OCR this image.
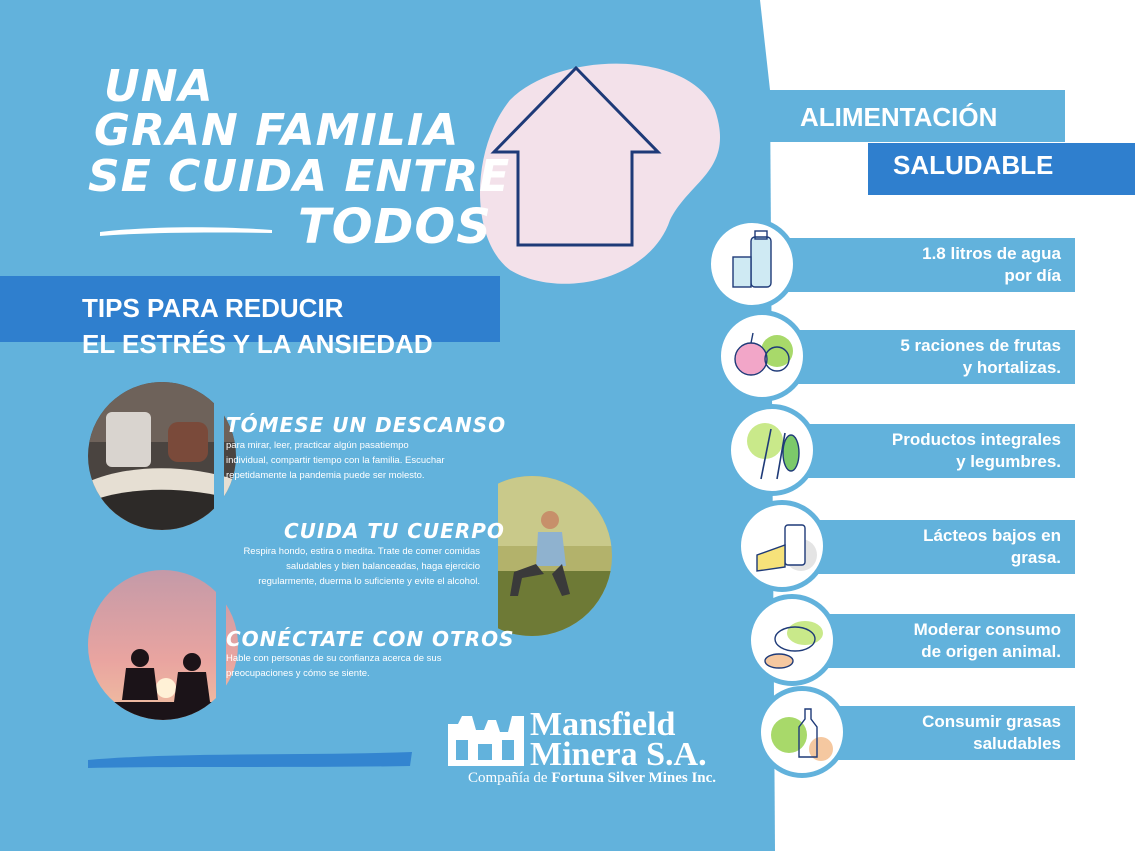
UNA
GRAN FAMILIA
SE CUIDA ENTRE
TODOS
TIPS PARA REDUCIR
EL ESTRÉS Y LA ANSIEDAD
TÓMESE UN DESCANSO
para mirar, leer, practicar algún pasatiempo
individual, compartir tiempo con la familia. Escuchar
repetidamente la pandemia puede ser molesto.
CUIDA TU CUERPO
Respira hondo, estira o medita. Trate de comer comidas
saludables y bien balanceadas, haga ejercicio
regularmente, duerma lo suficiente y evite el alcohol.
CONÉCTATE CON OTROS
Hable con personas de su confianza acerca de sus
preocupaciones y cómo se siente.
Mansfield
Minera S.A.
Compañía de Fortuna Silver Mines Inc.
ALIMENTACIÓN
SALUDABLE
1.8 litros de agua
por día
5 raciones de frutas
y hortalizas.
Productos integrales
y legumbres.
Lácteos bajos en
grasa.
Moderar consumo
de origen animal.
Consumir grasas
saludables
